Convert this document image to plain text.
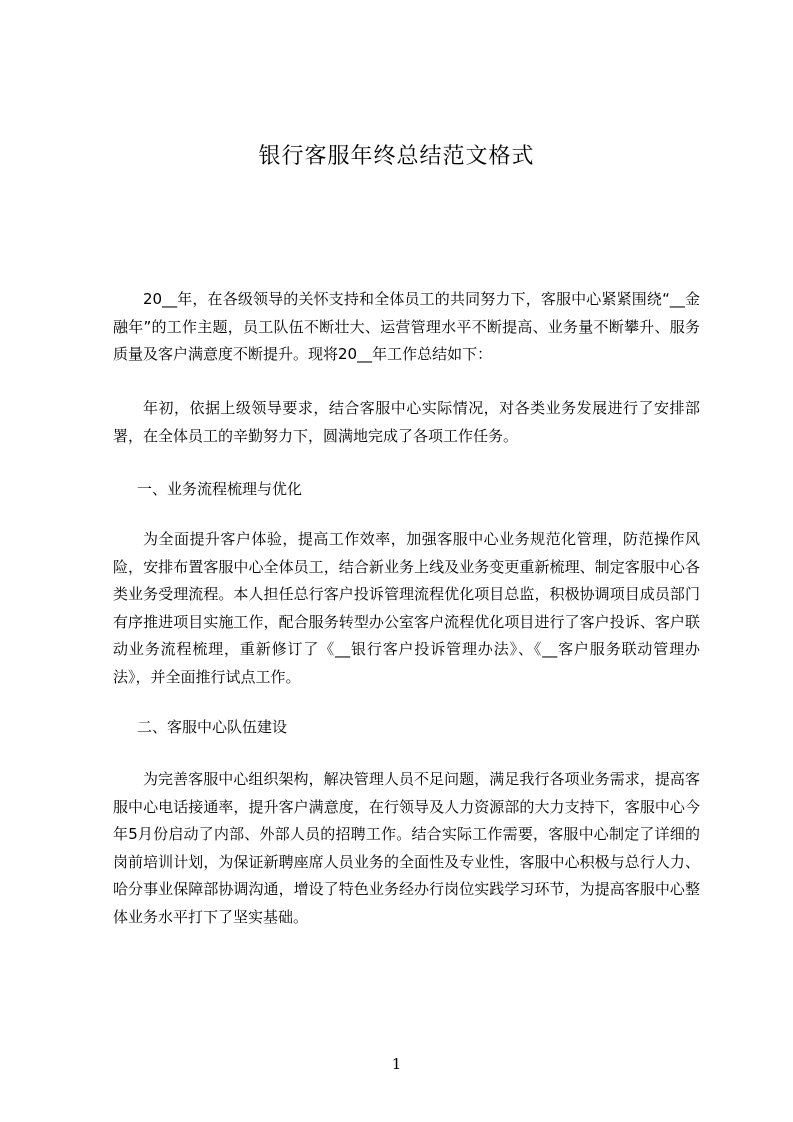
银行客服年终总结范文格式
20__年，在各级领导的关怀支持和全体员工的共同努力下，客服中心紧紧围绕“__金融年”的工作主题，员工队伍不断壮大、运营管理水平不断提高、业务量不断攀升、服务质量及客户满意度不断提升。现将20__年工作总结如下：
年初，依据上级领导要求，结合客服中心实际情况，对各类业务发展进行了安排部署，在全体员工的辛勤努力下，圆满地完成了各项工作任务。
一、业务流程梳理与优化
为全面提升客户体验，提高工作效率，加强客服中心业务规范化管理，防范操作风险，安排布置客服中心全体员工，结合新业务上线及业务变更重新梳理、制定客服中心各类业务受理流程。本人担任总行客户投诉管理流程优化项目总监，积极协调项目成员部门有序推进项目实施工作，配合服务转型办公室客户流程优化项目进行了客户投诉、客户联动业务流程梳理，重新修订了《__银行客户投诉管理办法》、《__客户服务联动管理办法》，并全面推行试点工作。
二、客服中心队伍建设
为完善客服中心组织架构，解决管理人员不足问题，满足我行各项业务需求，提高客服中心电话接通率，提升客户满意度，在行领导及人力资源部的大力支持下，客服中心今年5月份启动了内部、外部人员的招聘工作。结合实际工作需要，客服中心制定了详细的岗前培训计划，为保证新聘座席人员业务的全面性及专业性，客服中心积极与总行人力、哈分事业保障部协调沟通，增设了特色业务经办行岗位实践学习环节，为提高客服中心整体业务水平打下了坚实基础。
1
